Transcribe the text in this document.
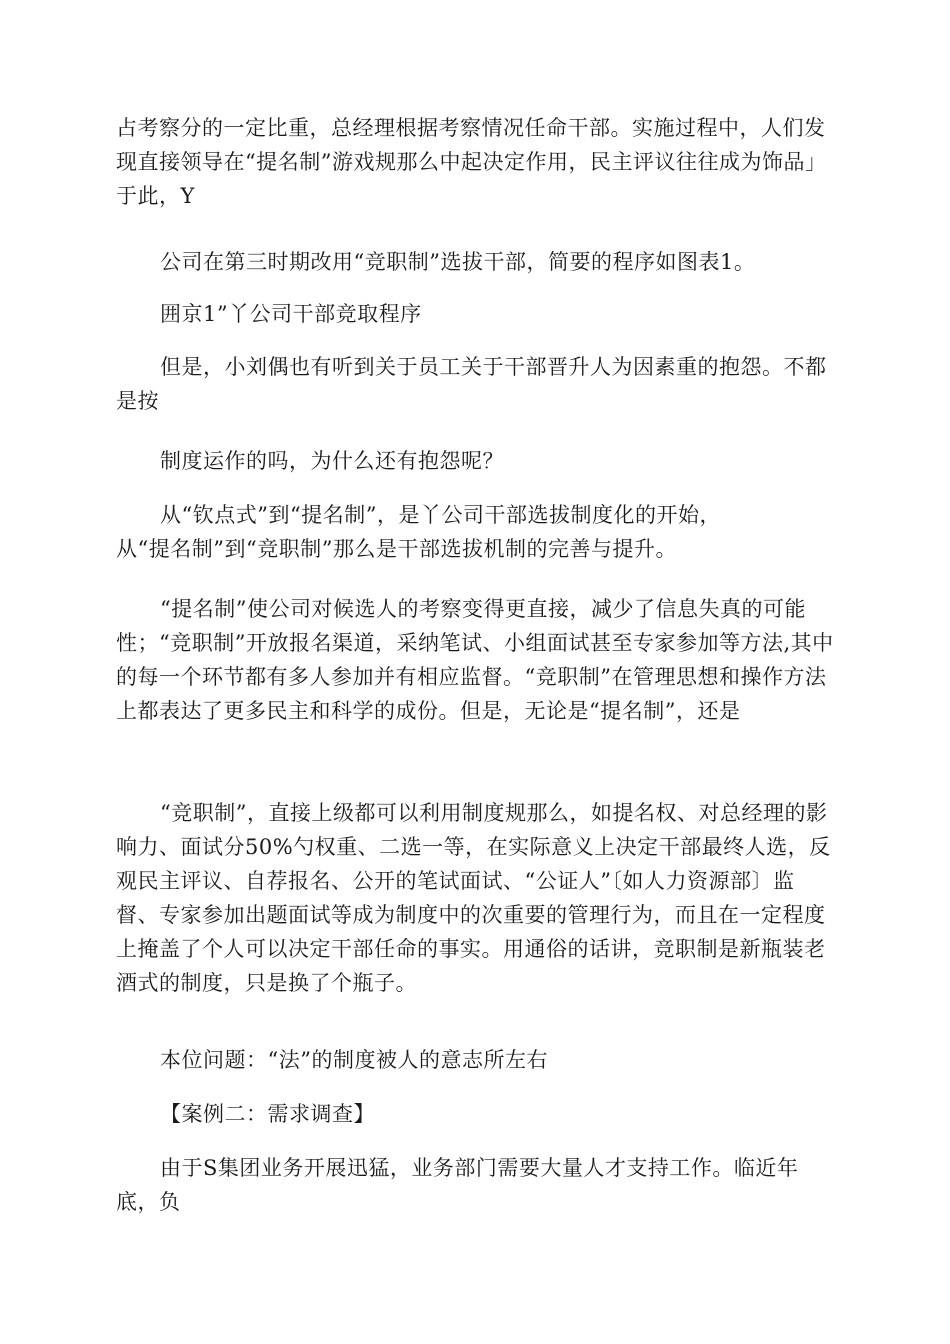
占考察分的一定比重，总经理根据考察情况任命干部。实施过程中，人们发现直接领导在“提名制”游戏规那么中起决定作用，民主评议往往成为饰品」于此，Y

公司在第三时期改用“竞职制”选拔干部，简要的程序如图表1。

囲京1”丫公司干部竞取程序

但是，小刘偶也有听到关于员工关于干部晋升人为因素重的抱怨。不都是按

制度运作的吗，为什么还有抱怨呢？

从“钦点式”到“提名制”，是丫公司干部选拔制度化的开始，
从“提名制”到“竞职制”那么是干部选拔机制的完善与提升。

“提名制”使公司对候选人的考察变得更直接，减少了信息失真的可能性；“竞职制”开放报名渠道，采纳笔试、小组面试甚至专家参加等方法,其中的每一个环节都有多人参加并有相应监督。“竞职制”在管理思想和操作方法上都表达了更多民主和科学的成份。但是，无论是“提名制”，还是

“竞职制”，直接上级都可以利用制度规那么，如提名权、对总经理的影响力、面试分50%勺权重、二选一等，在实际意义上决定干部最终人选，反观民主评议、自荐报名、公开的笔试面试、“公证人”〔如人力资源部〕监督、专家参加出题面试等成为制度中的次重要的管理行为，而且在一定程度上掩盖了个人可以决定干部任命的事实。用通俗的话讲，竞职制是新瓶装老酒式的制度，只是换了个瓶子。

本位问题：“法”的制度被人的意志所左右

【案例二：需求调查】

由于S集团业务开展迅猛，业务部门需要大量人才支持工作。临近年底，负
